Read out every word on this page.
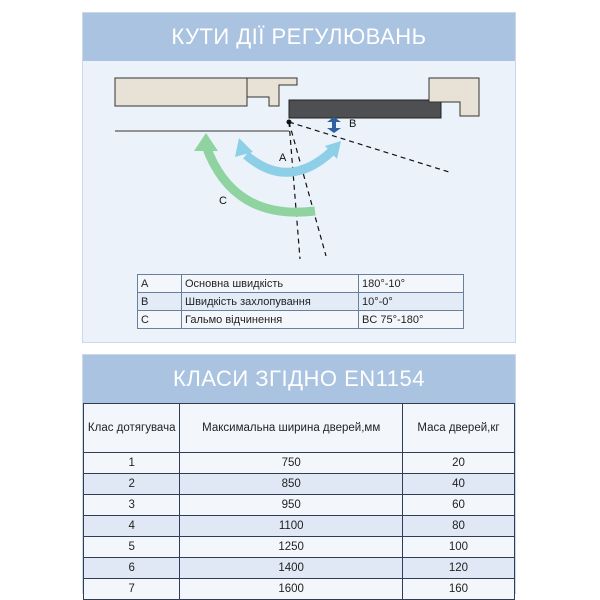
КУТИ ДІЇ РЕГУЛЮВАНЬ
A
B
C
A	Основна швидкість	180°-10°
B	Швидкість захлопування	10°-0°
C	Гальмо відчинення	BC 75°-180°
КЛАСИ ЗГІДНО EN1154
Клас дотягувача	Максимальна ширина дверей,мм	Маса дверей,кг
1	750	20
2	850	40
3	950	60
4	1100	80
5	1250	100
6	1400	120
7	1600	160
